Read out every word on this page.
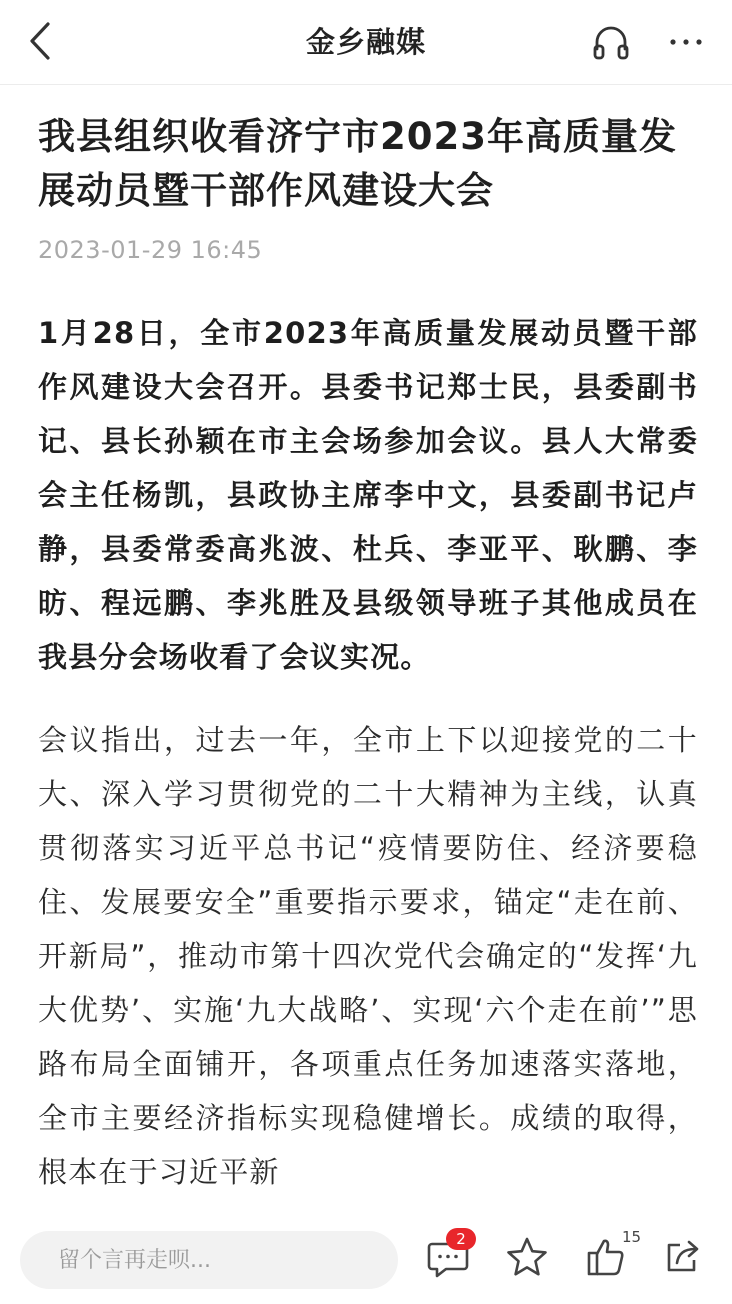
金乡融媒
我县组织收看济宁市2023年高质量发展动员暨干部作风建设大会
2023-01-29 16:45

1月28日，全市2023年高质量发展动员暨干部作风建设大会召开。县委书记郑士民，县委副书记、县长孙颖在市主会场参加会议。县人大常委会主任杨凯，县政协主席李中文，县委副书记卢静，县委常委高兆波、杜兵、李亚平、耿鹏、李昉、程远鹏、李兆胜及县级领导班子其他成员在我县分会场收看了会议实况。

会议指出，过去一年，全市上下以迎接党的二十大、深入学习贯彻党的二十大精神为主线，认真贯彻落实习近平总书记“疫情要防住、经济要稳住、发展要安全”重要指示要求，锚定“走在前、开新局”，推动市第十四次党代会确定的“发挥‘九大优势’、实施‘九大战略’、实现‘六个走在前’”思路布局全面铺开，各项重点任务加速落实落地，全市主要经济指标实现稳健增长。成绩的取得，根本在于习近平新

留个言再走呗...
2	15
